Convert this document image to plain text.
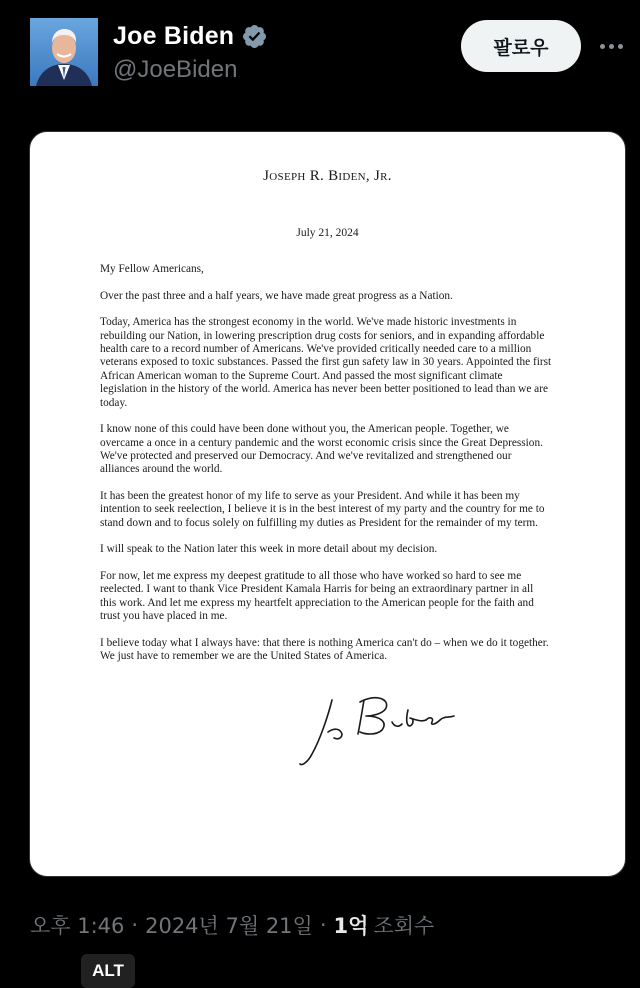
Joe Biden
@JoeBiden
팔로우
Joseph R. Biden, Jr.
July 21, 2024

My Fellow Americans,

Over the past three and a half years, we have made great progress as a Nation.

Today, America has the strongest economy in the world. We've made historic investments in rebuilding our Nation, in lowering prescription drug costs for seniors, and in expanding affordable health care to a record number of Americans. We've provided critically needed care to a million veterans exposed to toxic substances. Passed the first gun safety law in 30 years. Appointed the first African American woman to the Supreme Court. And passed the most significant climate legislation in the history of the world. America has never been better positioned to lead than we are today.

I know none of this could have been done without you, the American people. Together, we overcame a once in a century pandemic and the worst economic crisis since the Great Depression. We've protected and preserved our Democracy. And we've revitalized and strengthened our alliances around the world.

It has been the greatest honor of my life to serve as your President. And while it has been my intention to seek reelection, I believe it is in the best interest of my party and the country for me to stand down and to focus solely on fulfilling my duties as President for the remainder of my term.

I will speak to the Nation later this week in more detail about my decision.

For now, let me express my deepest gratitude to all those who have worked so hard to see me reelected. I want to thank Vice President Kamala Harris for being an extraordinary partner in all this work. And let me express my heartfelt appreciation to the American people for the faith and trust you have placed in me.

I believe today what I always have: that there is nothing America can't do – when we do it together. We just have to remember we are the United States of America.

ALT
오후 1:46 · 2024년 7월 21일 · 1억 조회수
